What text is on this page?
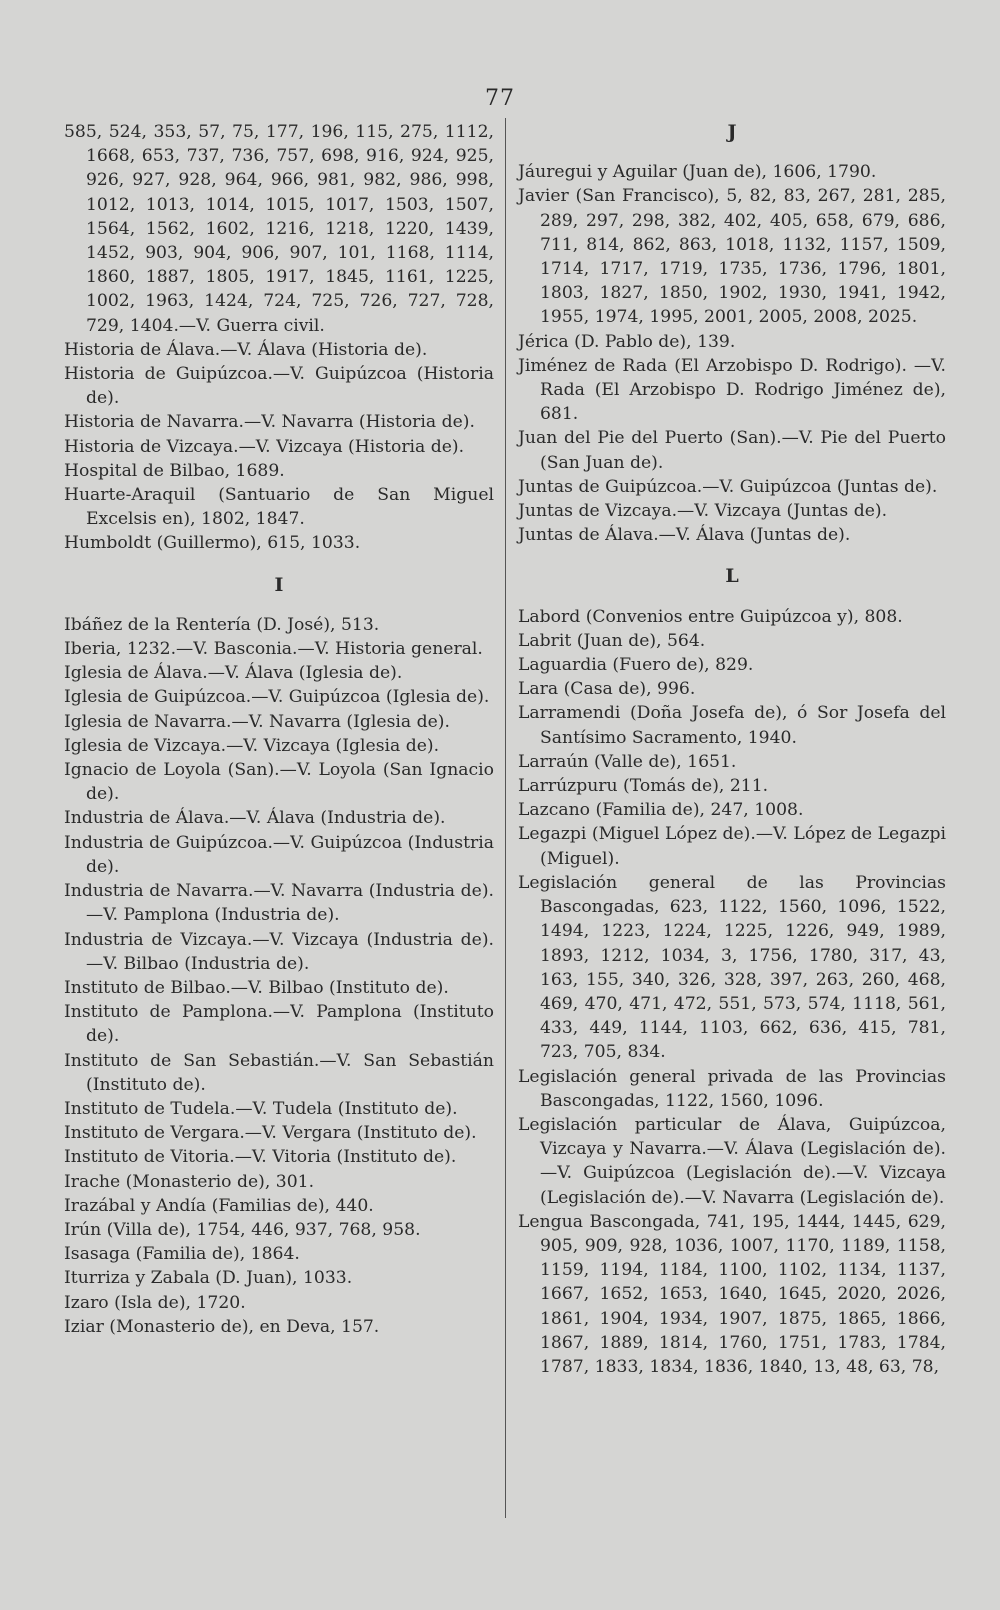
77

585, 524, 353, 57, 75, 177, 196, 115, 275, 1112, 1668, 653, 737, 736, 757, 698, 916, 924, 925, 926, 927, 928, 964, 966, 981, 982, 986, 998, 1012, 1013, 1014, 1015, 1017, 1503, 1507, 1564, 1562, 1602, 1216, 1218, 1220, 1439, 1452, 903, 904, 906, 907, 101, 1168, 1114, 1860, 1887, 1805, 1917, 1845, 1161, 1225, 1002, 1963, 1424, 724, 725, 726, 727, 728, 729, 1404.—V. Guerra civil.

Historia de Álava.—V. Álava (Historia de).

Historia de Guipúzcoa.—V. Guipúzcoa (Historia de).

Historia de Navarra.—V. Navarra (Historia de).

Historia de Vizcaya.—V. Vizcaya (Historia de).

Hospital de Bilbao, 1689.

Huarte-Araquil (Santuario de San Miguel Excelsis en), 1802, 1847.

Humboldt (Guillermo), 615, 1033.

I

Ibáñez de la Rentería (D. José), 513.

Iberia, 1232.—V. Basconia.—V. Historia general.

Iglesia de Álava.—V. Álava (Iglesia de).

Iglesia de Guipúzcoa.—V. Guipúzcoa (Iglesia de).

Iglesia de Navarra.—V. Navarra (Iglesia de).

Iglesia de Vizcaya.—V. Vizcaya (Iglesia de).

Ignacio de Loyola (San).—V. Loyola (San Ignacio de).

Industria de Álava.—V. Álava (Industria de).

Industria de Guipúzcoa.—V. Guipúzcoa (Industria de).

Industria de Navarra.—V. Navarra (Industria de).—V. Pamplona (Industria de).

Industria de Vizcaya.—V. Vizcaya (Industria de).—V. Bilbao (Industria de).

Instituto de Bilbao.—V. Bilbao (Instituto de).

Instituto de Pamplona.—V. Pamplona (Instituto de).

Instituto de San Sebastián.—V. San Sebastián (Instituto de).

Instituto de Tudela.—V. Tudela (Instituto de).

Instituto de Vergara.—V. Vergara (Instituto de).

Instituto de Vitoria.—V. Vitoria (Instituto de).

Irache (Monasterio de), 301.

Irazábal y Andía (Familias de), 440.

Irún (Villa de), 1754, 446, 937, 768, 958.

Isasaga (Familia de), 1864.

Iturriza y Zabala (D. Juan), 1033.

Izaro (Isla de), 1720.

Iziar (Monasterio de), en Deva, 157.

J

Jáuregui y Aguilar (Juan de), 1606, 1790.

Javier (San Francisco), 5, 82, 83, 267, 281, 285, 289, 297, 298, 382, 402, 405, 658, 679, 686, 711, 814, 862, 863, 1018, 1132, 1157, 1509, 1714, 1717, 1719, 1735, 1736, 1796, 1801, 1803, 1827, 1850, 1902, 1930, 1941, 1942, 1955, 1974, 1995, 2001, 2005, 2008, 2025.

Jérica (D. Pablo de), 139.

Jiménez de Rada (El Arzobispo D. Rodrigo). —V. Rada (El Arzobispo D. Rodrigo Jiménez de), 681.

Juan del Pie del Puerto (San).—V. Pie del Puerto (San Juan de).

Juntas de Guipúzcoa.—V. Guipúzcoa (Juntas de).

Juntas de Vizcaya.—V. Vizcaya (Juntas de).

Juntas de Álava.—V. Álava (Juntas de).

L

Labord (Convenios entre Guipúzcoa y), 808.

Labrit (Juan de), 564.

Laguardia (Fuero de), 829.

Lara (Casa de), 996.

Larramendi (Doña Josefa de), ó Sor Josefa del Santísimo Sacramento, 1940.

Larraún (Valle de), 1651.

Larrúzpuru (Tomás de), 211.

Lazcano (Familia de), 247, 1008.

Legazpi (Miguel López de).—V. López de Legazpi (Miguel).

Legislación general de las Provincias Bascongadas, 623, 1122, 1560, 1096, 1522, 1494, 1223, 1224, 1225, 1226, 949, 1989, 1893, 1212, 1034, 3, 1756, 1780, 317, 43, 163, 155, 340, 326, 328, 397, 263, 260, 468, 469, 470, 471, 472, 551, 573, 574, 1118, 561, 433, 449, 1144, 1103, 662, 636, 415, 781, 723, 705, 834.

Legislación general privada de las Provincias Bascongadas, 1122, 1560, 1096.

Legislación particular de Álava, Guipúzcoa, Vizcaya y Navarra.—V. Álava (Legislación de).—V. Guipúzcoa (Legislación de).—V. Vizcaya (Legislación de).—V. Navarra (Legislación de).

Lengua Bascongada, 741, 195, 1444, 1445, 629, 905, 909, 928, 1036, 1007, 1170, 1189, 1158, 1159, 1194, 1184, 1100, 1102, 1134, 1137, 1667, 1652, 1653, 1640, 1645, 2020, 2026, 1861, 1904, 1934, 1907, 1875, 1865, 1866, 1867, 1889, 1814, 1760, 1751, 1783, 1784, 1787, 1833, 1834, 1836, 1840, 13, 48, 63, 78,
